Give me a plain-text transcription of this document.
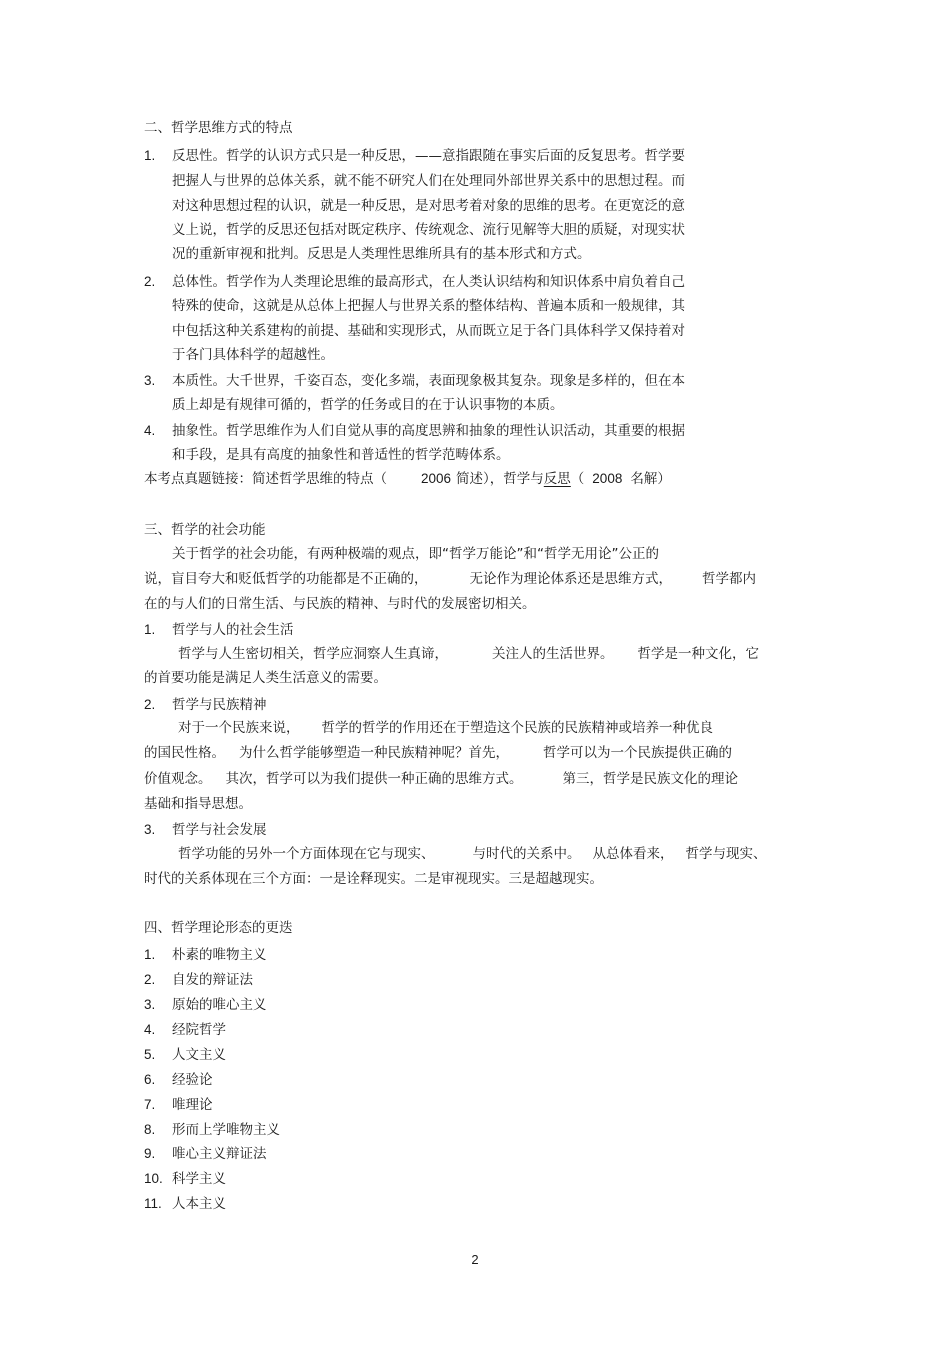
二、哲学思维方式的特点
1. 反思性。哲学的认识方式只是一种反思，——意指跟随在事实后面的反复思考。哲学要
把握人与世界的总体关系，就不能不研究人们在处理同外部世界关系中的思想过程。而
对这种思想过程的认识，就是一种反思，是对思考着对象的思维的思考。在更宽泛的意
义上说，哲学的反思还包括对既定秩序、传统观念、流行见解等大胆的质疑，对现实状
况的重新审视和批判。反思是人类理性思维所具有的基本形式和方式。
2. 总体性。哲学作为人类理论思维的最高形式，在人类认识结构和知识体系中肩负着自己
特殊的使命，这就是从总体上把握人与世界关系的整体结构、普遍本质和一般规律，其
中包括这种关系建构的前提、基础和实现形式，从而既立足于各门具体科学又保持着对
于各门具体科学的超越性。
3. 本质性。大千世界，千姿百态，变化多端，表面现象极其复杂。现象是多样的，但在本
质上却是有规律可循的，哲学的任务或目的在于认识事物的本质。
4. 抽象性。哲学思维作为人们自觉从事的高度思辨和抽象的理性认识活动，其重要的根据
和手段，是具有高度的抽象性和普适性的哲学范畴体系。
本考点真题链接：简述哲学思维的特点（	2006 简述），哲学与反思（ 2008 名解）
三、哲学的社会功能
关于哲学的社会功能，有两种极端的观点，即“哲学万能论”和“哲学无用论”公正的
说，盲目夸大和贬低哲学的功能都是不正确的，	无论作为理论体系还是思维方式， 哲学都内
在的与人们的日常生活、与民族的精神、与时代的发展密切相关。
1. 哲学与人的社会生活
哲学与人生密切相关，哲学应洞察人生真谛，	关注人的生活世界。 哲学是一种文化，它
的首要功能是满足人类生活意义的需要。
2. 哲学与民族精神
对于一个民族来说， 哲学的哲学的作用还在于塑造这个民族的民族精神或培养一种优良
的国民性格。 为什么哲学能够塑造一种民族精神呢？首先，	哲学可以为一个民族提供正确的
价值观念。 其次，哲学可以为我们提供一种正确的思维方式。	第三，哲学是民族文化的理论
基础和指导思想。
3. 哲学与社会发展
哲学功能的另外一个方面体现在它与现实、	与时代的关系中。 从总体看来， 哲学与现实、
时代的关系体现在三个方面：一是诠释现实。二是审视现实。三是超越现实。
四、哲学理论形态的更迭
1. 朴素的唯物主义
2. 自发的辩证法
3. 原始的唯心主义
4. 经院哲学
5. 人文主义
6. 经验论
7. 唯理论
8. 形而上学唯物主义
9. 唯心主义辩证法
10. 科学主义
11. 人本主义
2
